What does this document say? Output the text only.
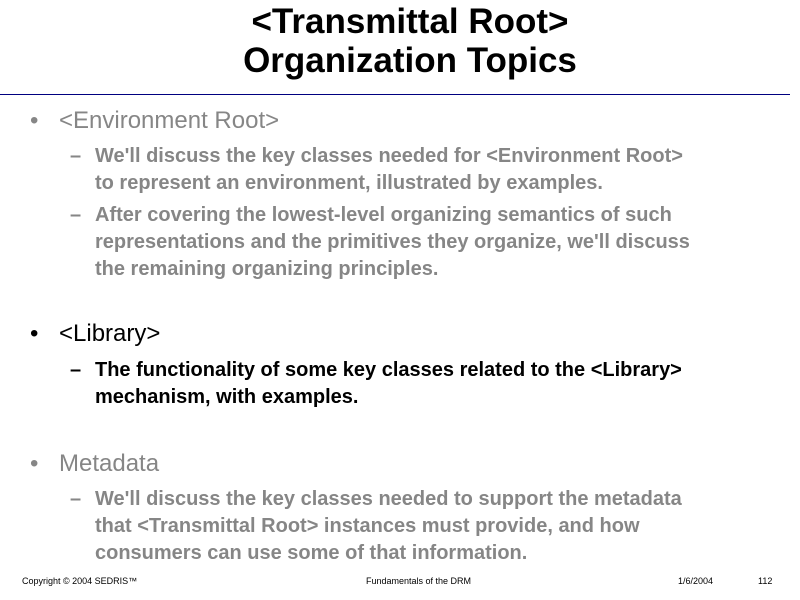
<Transmittal Root>
Organization Topics
• <Environment Root>
– We'll discuss the key classes needed for <Environment Root>
to represent an environment, illustrated by examples.
– After covering the lowest-level organizing semantics of such
representations and the primitives they organize, we'll discuss
the remaining organizing principles.
• <Library>
– The functionality of some key classes related to the <Library>
mechanism, with examples.
• Metadata
– We'll discuss the key classes needed to support the metadata
that <Transmittal Root> instances must provide, and how
consumers can use some of that information.
Copyright © 2004 SEDRIS™	Fundamentals of the DRM	1/6/2004	112
